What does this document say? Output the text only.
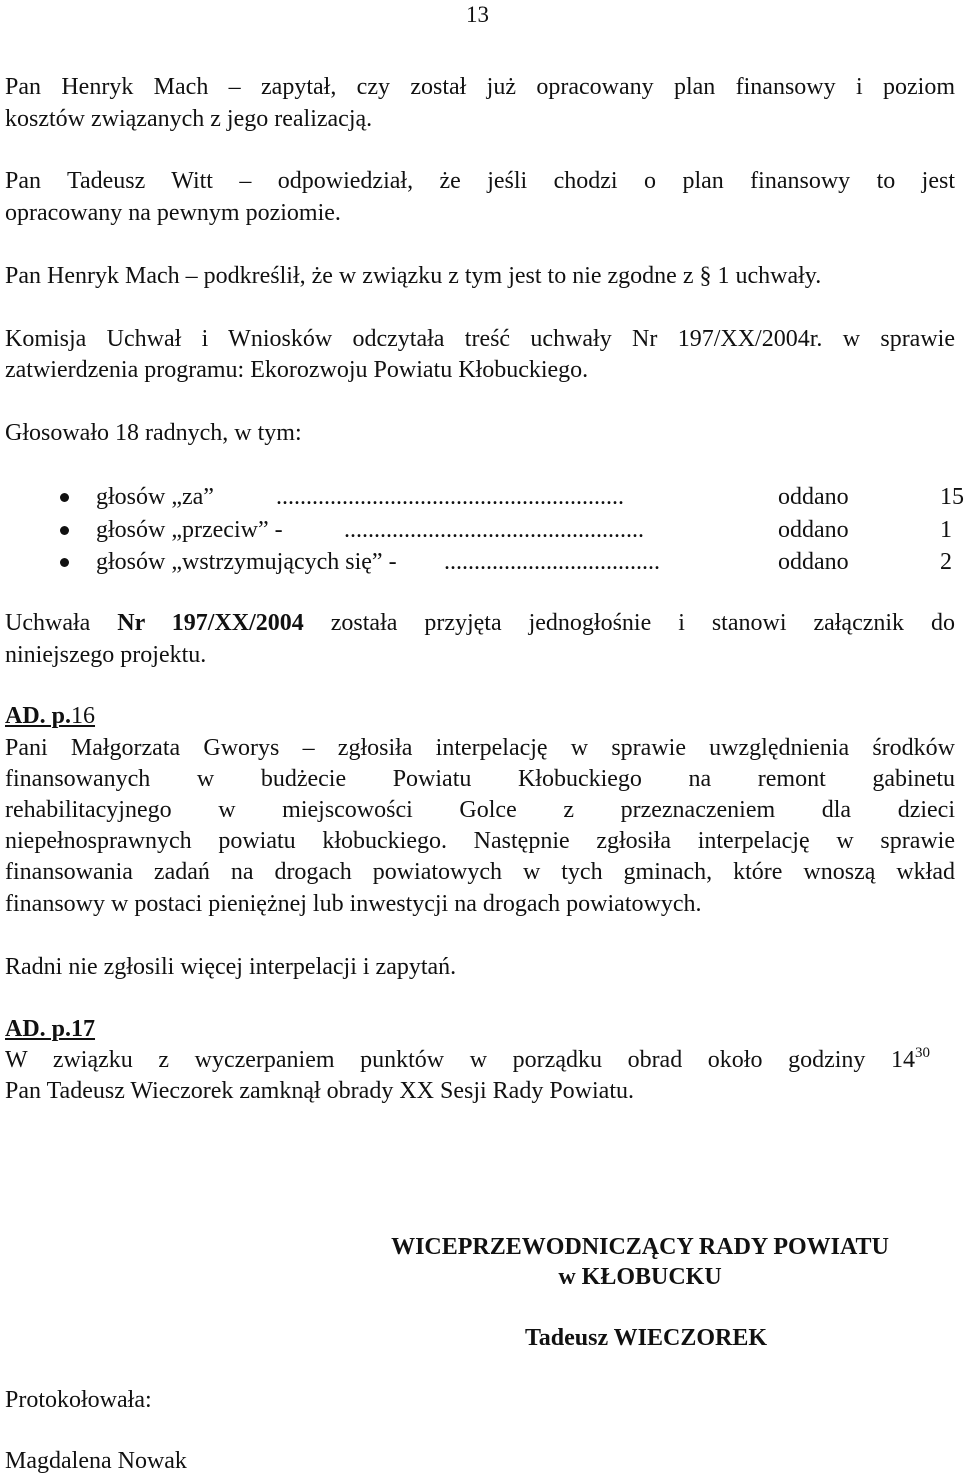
13
Pan Henryk Mach – zapytał, czy został już opracowany plan finansowy i poziom
kosztów związanych z jego realizacją.
Pan Tadeusz Witt – odpowiedział, że jeśli chodzi o plan finansowy to jest
opracowany na pewnym poziomie.
Pan Henryk Mach – podkreślił, że w związku z tym jest to nie zgodne z § 1 uchwały.
Komisja Uchwał i Wniosków odczytała treść uchwały Nr 197/XX/2004r. w sprawie
zatwierdzenia programu: Ekorozwoju Powiatu Kłobuckiego.
Głosowało 18 radnych, w tym:
głosów „za”	..........................................................	oddano	15
głosów „przeciw” -	..................................................	oddano	1
głosów „wstrzymujących się” - ....................................	oddano	2
Uchwała Nr 197/XX/2004 została przyjęta jednogłośnie i stanowi załącznik do
niniejszego projektu.
AD. p.16
Pani Małgorzata Gworys – zgłosiła interpelację w sprawie uwzględnienia środków
finansowanych w budżecie Powiatu Kłobuckiego na remont gabinetu
rehabilitacyjnego w miejscowości Golce z przeznaczeniem dla dzieci
niepełnosprawnych powiatu kłobuckiego. Następnie zgłosiła interpelację w sprawie
finansowania zadań na drogach powiatowych w tych gminach, które wnoszą wkład
finansowy w postaci pieniężnej lub inwestycji na drogach powiatowych.
Radni nie zgłosili więcej interpelacji i zapytań.
AD. p.17
W związku z wyczerpaniem punktów w porządku obrad około godziny $14^{30}$
Pan Tadeusz Wieczorek zamknął obrady XX Sesji Rady Powiatu.
WICEPRZEWODNICZĄCY RADY POWIATU
w KŁOBUCKU
Tadeusz WIECZOREK
Protokołowała:
Magdalena Nowak
